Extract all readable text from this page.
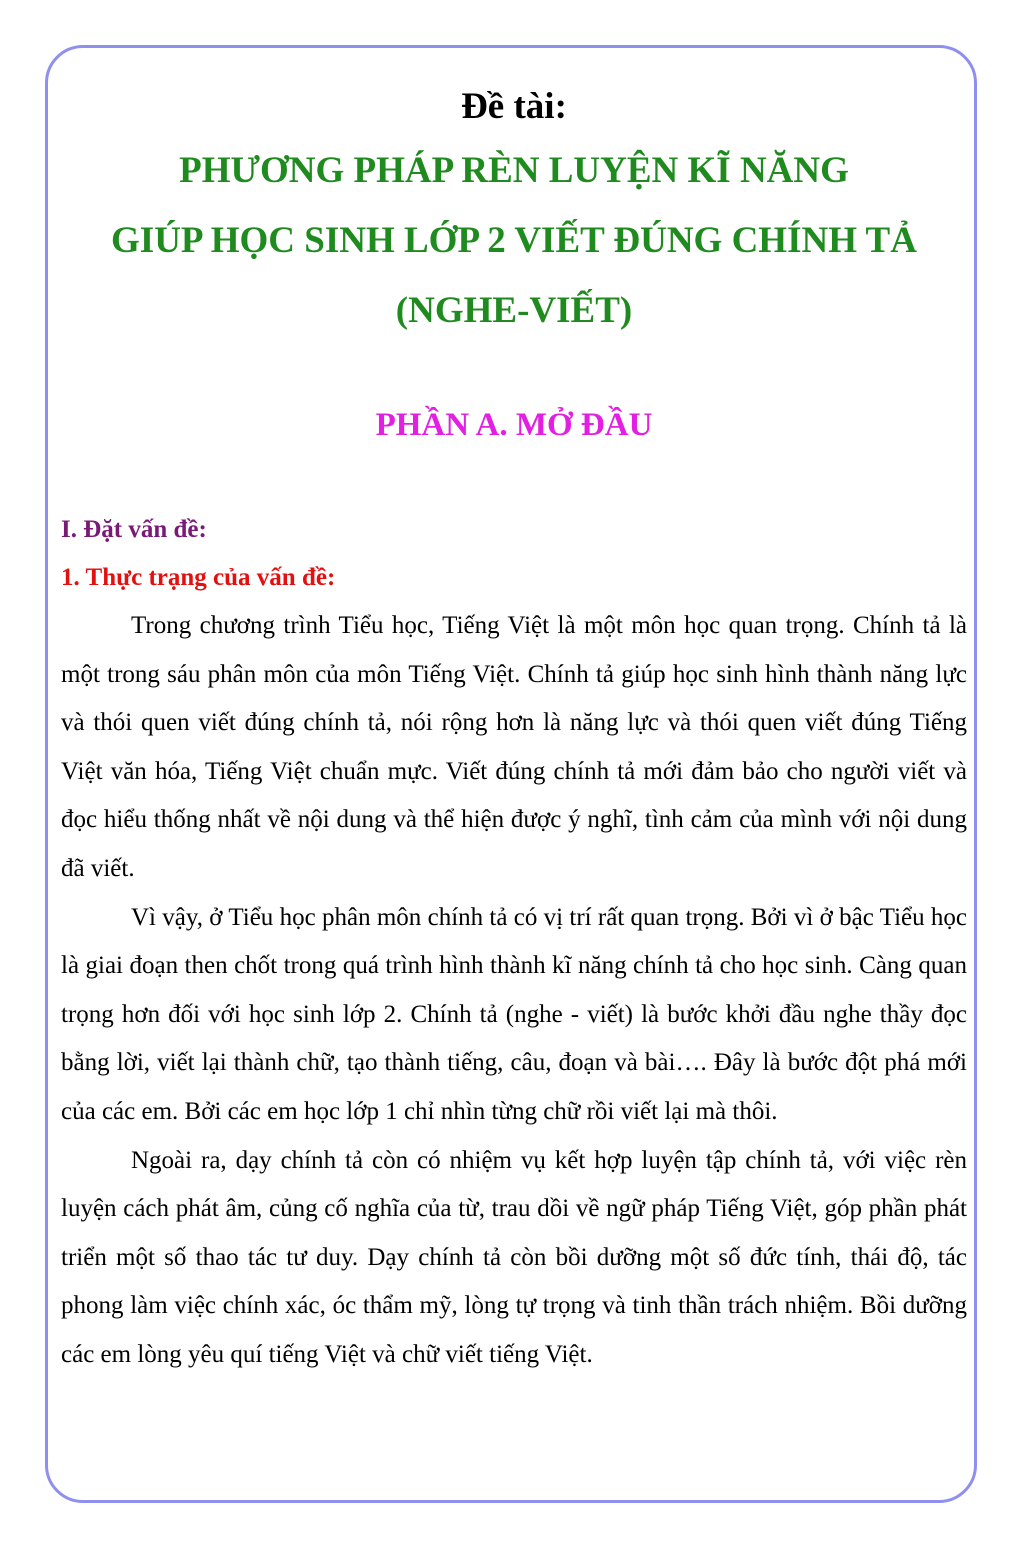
Đề tài:

PHƯƠNG PHÁP RÈN LUYỆN KĨ NĂNG

GIÚP HỌC SINH LỚP 2 VIẾT ĐÚNG CHÍNH TẢ

(NGHE-VIẾT)

PHẦN A. MỞ ĐẦU

I. Đặt vấn đề:

1. Thực trạng của vấn đề:

Trong chương trình Tiểu học, Tiếng Việt là một môn học quan trọng. Chính tả là một trong sáu phân môn của môn Tiếng Việt. Chính tả giúp học sinh hình thành năng lực và thói quen viết đúng chính tả, nói rộng hơn là năng lực và thói quen viết đúng Tiếng Việt văn hóa, Tiếng Việt chuẩn mực. Viết đúng chính tả mới đảm bảo cho người viết và đọc hiểu thống nhất về nội dung và thể hiện được ý nghĩ, tình cảm của mình với nội dung đã viết.

Vì vậy, ở Tiểu học phân môn chính tả có vị trí rất quan trọng. Bởi vì ở bậc Tiểu học là giai đoạn then chốt trong quá trình hình thành kĩ năng chính tả cho học sinh. Càng quan trọng hơn đối với học sinh lớp 2. Chính tả (nghe - viết) là bước khởi đầu nghe thầy đọc bằng lời, viết lại thành chữ, tạo thành tiếng, câu, đoạn và bài…. Đây là bước đột phá mới của các em. Bởi các em học lớp 1 chỉ nhìn từng chữ rồi viết lại mà thôi.

Ngoài ra, dạy chính tả còn có nhiệm vụ kết hợp luyện tập chính tả, với việc rèn luyện cách phát âm, củng cố nghĩa của từ, trau dồi về ngữ pháp Tiếng Việt, góp phần phát triển một số thao tác tư duy. Dạy chính tả còn bồi dưỡng một số đức tính, thái độ, tác phong làm việc chính xác, óc thẩm mỹ, lòng tự trọng và tinh thần trách nhiệm. Bồi dưỡng các em lòng yêu quí tiếng Việt và chữ viết tiếng Việt.
